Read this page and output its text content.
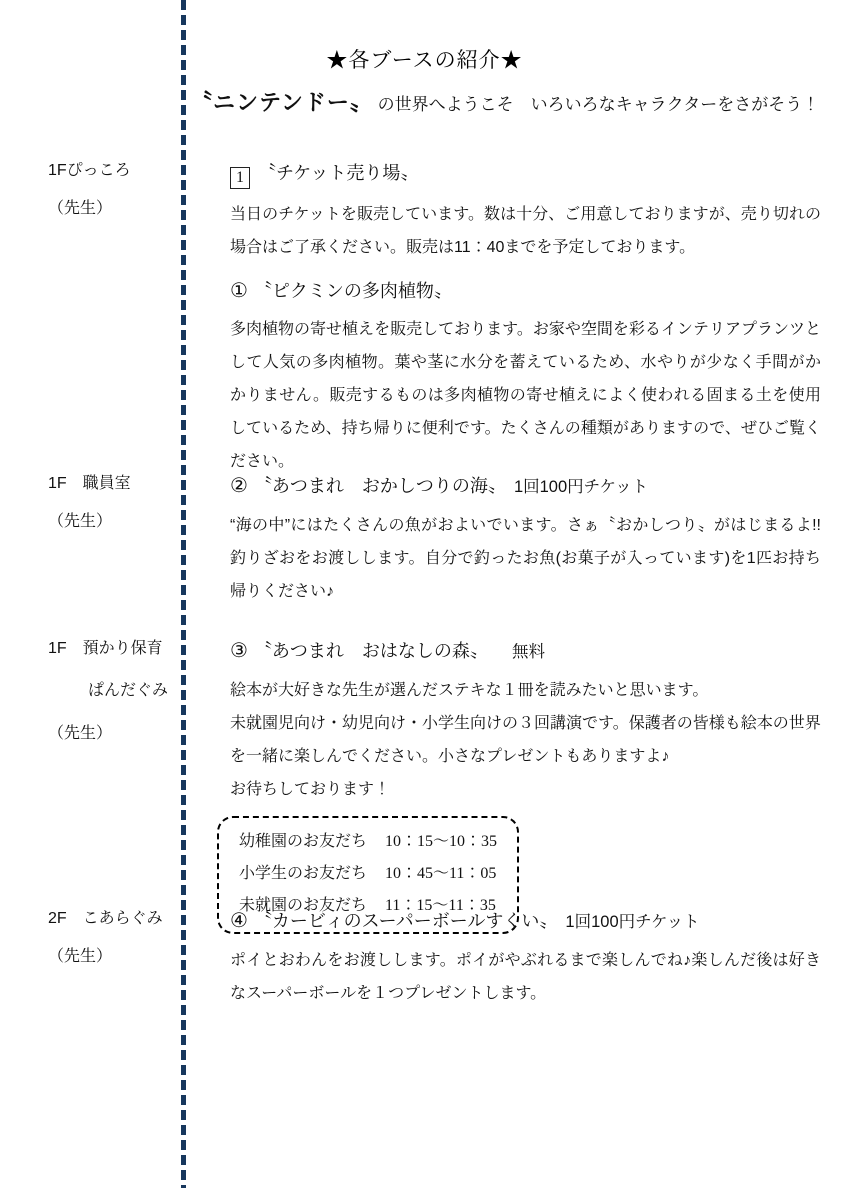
★各ブースの紹介★
〝ニンテンドー〟 の世界へようこそ　いろいろなキャラクターをさがそう！
1Fぴっころ
（先生）
1 〝チケット売り場〟
当日のチケットを販売しています。数は十分、ご用意しておりますが、売り切れの場合はご了承ください。販売は11：40までを予定しております。
① 〝ピクミンの多肉植物〟
多肉植物の寄せ植えを販売しております。お家や空間を彩るインテリアプランツとして人気の多肉植物。葉や茎に水分を蓄えているため、水やりが少なく手間がかかりません。販売するものは多肉植物の寄せ植えによく使われる固まる土を使用しているため、持ち帰りに便利です。たくさんの種類がありますので、ぜひご覧ください。
1F　職員室
（先生）
② 〝あつまれ　おかしつりの海〟 1回100円チケット
“海の中”にはたくさんの魚がおよいでいます。さぁ〝おかしつり〟がはじまるよ!!　釣りざおをお渡しします。自分で釣ったお魚(お菓子が入っています)を1匹お持ち帰りください♪
1F　預かり保育
ぱんだぐみ
（先生）
③ 〝あつまれ　おはなしの森〟 無料
絵本が大好きな先生が選んだステキな１冊を読みたいと思います。
未就園児向け・幼児向け・小学生向けの３回講演です。保護者の皆様も絵本の世界を一緒に楽しんでください。小さなプレゼントもありますよ♪
お待ちしております！
幼稚園のお友だち 10：15～10：35
小学生のお友だち 10：45～11：05
未就園のお友だち 11：15～11：35
2F　こあらぐみ
（先生）
④ 〝カービィのスーパーボールすくい〟 1回100円チケット
ポイとおわんをお渡しします。ポイがやぶれるまで楽しんでね♪楽しんだ後は好きなスーパーボールを１つプレゼントします。
